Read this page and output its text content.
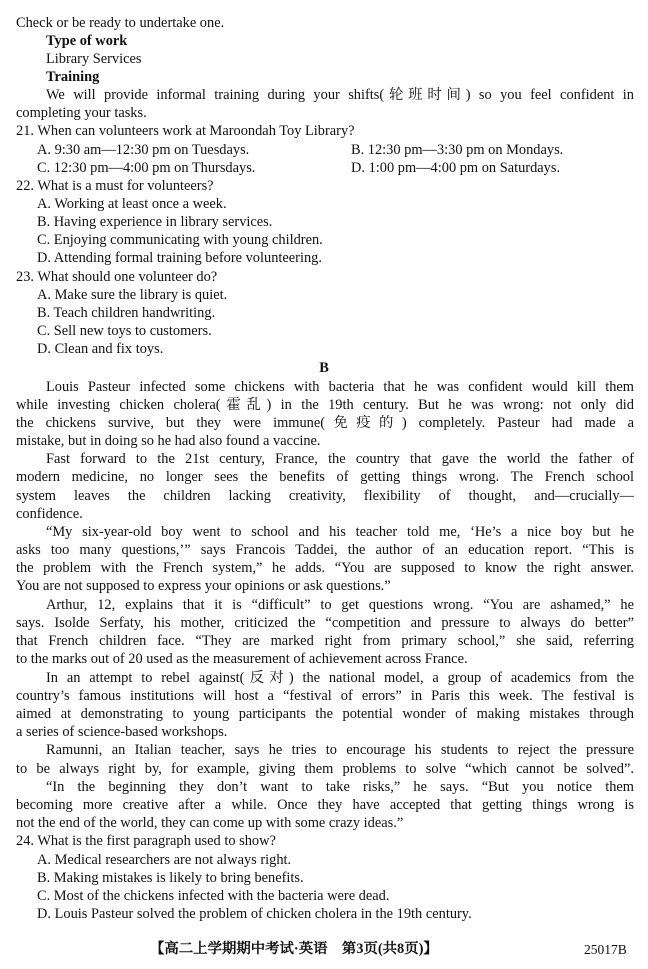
Check or be ready to undertake one.
Type of work
Library Services
Training
We will provide informal training during your shifts(轮班时间) so you feel confident in
completing your tasks.
21. When can volunteers work at Maroondah Toy Library?
A. 9:30 am—12:30 pm on Tuesdays.	B. 12:30 pm—3:30 pm on Mondays.
C. 12:30 pm—4:00 pm on Thursdays.	D. 1:00 pm—4:00 pm on Saturdays.
22. What is a must for volunteers?
A. Working at least once a week.
B. Having experience in library services.
C. Enjoying communicating with young children.
D. Attending formal training before volunteering.
23. What should one volunteer do?
A. Make sure the library is quiet.
B. Teach children handwriting.
C. Sell new toys to customers.
D. Clean and fix toys.
B
Louis Pasteur infected some chickens with bacteria that he was confident would kill them
while investing chicken cholera(霍乱) in the 19th century. But he was wrong: not only did
the chickens survive, but they were immune(免疫的) completely. Pasteur had made a
mistake, but in doing so he had also found a vaccine.
Fast forward to the 21st century, France, the country that gave the world the father of
modern medicine, no longer sees the benefits of getting things wrong. The French school
system leaves the children lacking creativity, flexibility of thought, and—crucially—
confidence.
“My six-year-old boy went to school and his teacher told me, ‘He’s a nice boy but he
asks too many questions,’” says Francois Taddei, the author of an education report. “This is
the problem with the French system,” he adds. “You are supposed to know the right answer.
You are not supposed to express your opinions or ask questions.”
Arthur, 12, explains that it is “difficult” to get questions wrong. “You are ashamed,” he
says. Isolde Serfaty, his mother, criticized the “competition and pressure to always do better”
that French children face. “They are marked right from primary school,” she said, referring
to the marks out of 20 used as the measurement of achievement across France.
In an attempt to rebel against(反对) the national model, a group of academics from the
country’s famous institutions will host a “festival of errors” in Paris this week. The festival is
aimed at demonstrating to young participants the potential wonder of making mistakes through
a series of science-based workshops.
Ramunni, an Italian teacher, says he tries to encourage his students to reject the pressure
to be always right by, for example, giving them problems to solve “which cannot be solved”.
“In the beginning they don’t want to take risks,” he says. “But you notice them
becoming more creative after a while. Once they have accepted that getting things wrong is
not the end of the world, they can come up with some crazy ideas.”
24. What is the first paragraph used to show?
A. Medical researchers are not always right.
B. Making mistakes is likely to bring benefits.
C. Most of the chickens infected with the bacteria were dead.
D. Louis Pasteur solved the problem of chicken cholera in the 19th century.
【高二上学期期中考试·英语　第3页(共8页)】	25017B
